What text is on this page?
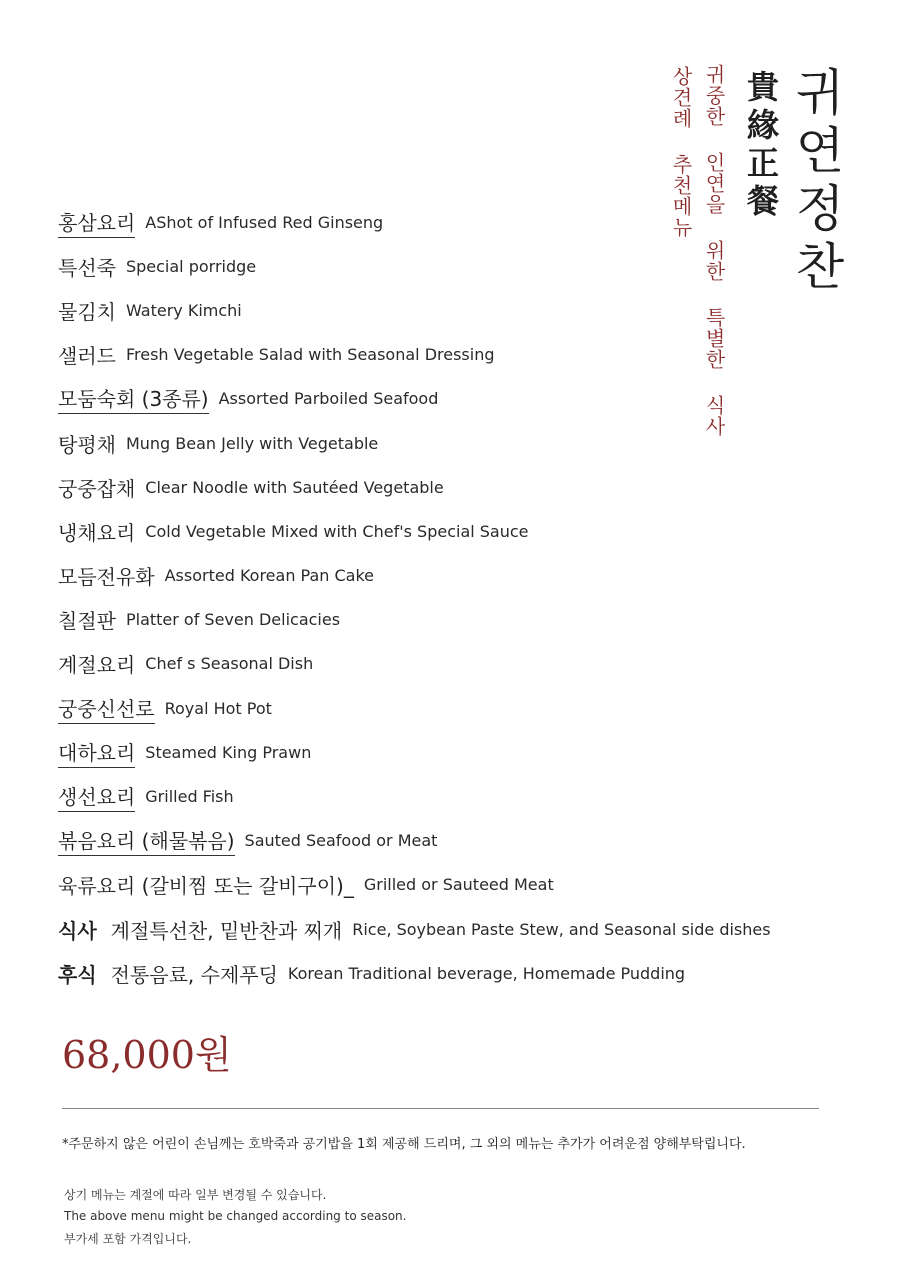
귀연정찬
貴緣正餐
귀중한 인연을 위한 특별한 식사
상견례 추천메뉴
홍삼요리 AShot of Infused Red Ginseng
특선죽 Special porridge
물김치 Watery Kimchi
샐러드 Fresh Vegetable Salad with Seasonal Dressing
모둠숙회 (3종류) Assorted Parboiled Seafood
탕평채 Mung Bean Jelly with Vegetable
궁중잡채 Clear Noodle with Sautéed Vegetable
냉채요리 Cold Vegetable Mixed with Chef's Special Sauce
모듬전유화 Assorted Korean Pan Cake
칠절판 Platter of Seven Delicacies
계절요리 Chef s Seasonal Dish
궁중신선로 Royal Hot Pot
대하요리 Steamed King Prawn
생선요리 Grilled Fish
볶음요리 (해물볶음) Sauted Seafood or Meat
육류요리 (갈비찜 또는 갈비구이)_ Grilled or Sauteed Meat
식사 계절특선찬, 밑반찬과 찌개 Rice, Soybean Paste Stew, and Seasonal side dishes
후식 전통음료, 수제푸딩 Korean Traditional beverage, Homemade Pudding
68,000원
*주문하지 않은 어린이 손님께는 호박죽과 공기밥을 1회 제공해 드리며, 그 외의 메뉴는 추가가 어려운점 양해부탁립니다.
상기 메뉴는 계절에 따라 일부 변경될 수 있습니다.
The above menu might be changed according to season.
부가세 포함 가격입니다.
